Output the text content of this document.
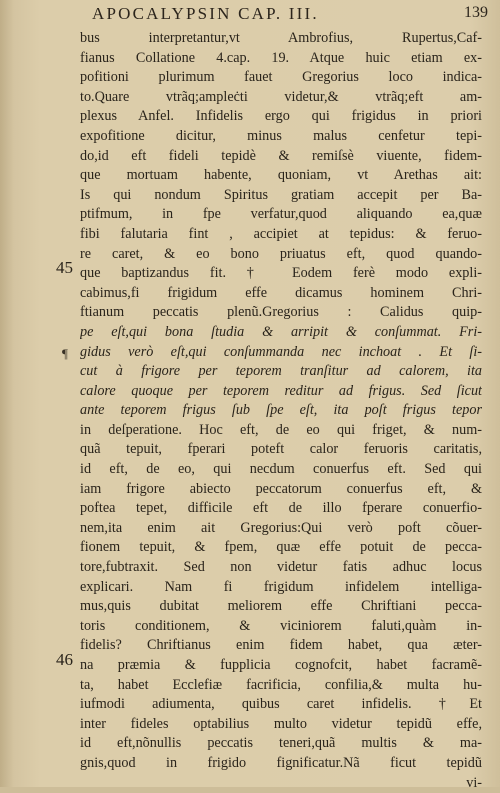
APOCALYPSIN CAP. III.	139
45
¶
46
bus interpretantur,vt Ambrofius, Rupertus,Caf-
fianus Collatione 4.cap. 19. Atque huic etiam ex-
pofitioni plurimum fauet Gregorius loco indica-
to.Quare vtrãq;ampleċti videtur,& vtrãq;eft am-
plexus Anfel. Infidelis ergo qui frigidus in priori
expofitione dicitur, minus malus cenfetur tepi-
do,id eft fideli tepidè & remiſsè viuente, fidem-
que mortuam habente, quoniam, vt Arethas ait:
Is qui nondum Spiritus gratiam accepit per Ba-
ptifmum, in fpe verfatur,quod aliquando ea,quæ
fibi falutaria fint , accipiet at tepidus: & feruo-
re caret, & eo bono priuatus eft, quod quando-
que baptizandus fit. † Eodem ferè modo expli-
cabimus,fi frigidum effe dicamus hominem Chri-
ftianum peccatis plenũ.Gregorius : Calidus quip-
pe eſt,qui bona ſtudia & arripit & conſummat. Fri-
gidus verò eſt,qui conſummanda nec inchoat . Et ſi-
cut à frigore per teporem tranſitur ad calorem, ita
calore quoque per teporem reditur ad frigus. Sed ſicut
ante teporem frigus ſub ſpe eſt, ita poſt frigus tepor
in deſperatione. Hoc eft, de eo qui friget, & num-
quã tepuit, fperari poteft calor feruoris caritatis,
id eft, de eo, qui necdum conuerfus eft. Sed qui
iam frigore abiecto peccatorum conuerfus eft, &
poftea tepet, difficile eft de illo fperare conuerfio-
nem,ita enim ait Gregorius:Qui verò poft cõuer-
fionem tepuit, & fpem, quæ effe potuit de pecca-
tore,fubtraxit. Sed non videtur fatis adhuc locus
explicari. Nam fi frigidum infidelem intelliga-
mus,quis dubitat meliorem effe Chriftiani pecca-
toris conditionem, & viciniorem faluti,quàm in-
fidelis? Chriftianus enim fidem habet, qua æter-
na præmia & fupplicia cognofcit, habet facramẽ-
ta, habet Ecclefiæ facrificia, confilia,& multa hu-
iufmodi adiumenta, quibus caret infidelis. †Et
inter fideles optabilius multo videtur tepidũ effe,
id eft,nõnullis peccatis teneri,quã multis & ma-
gnis,quod in frigido fignificatur.Nã ficut tepidũ
vi-
